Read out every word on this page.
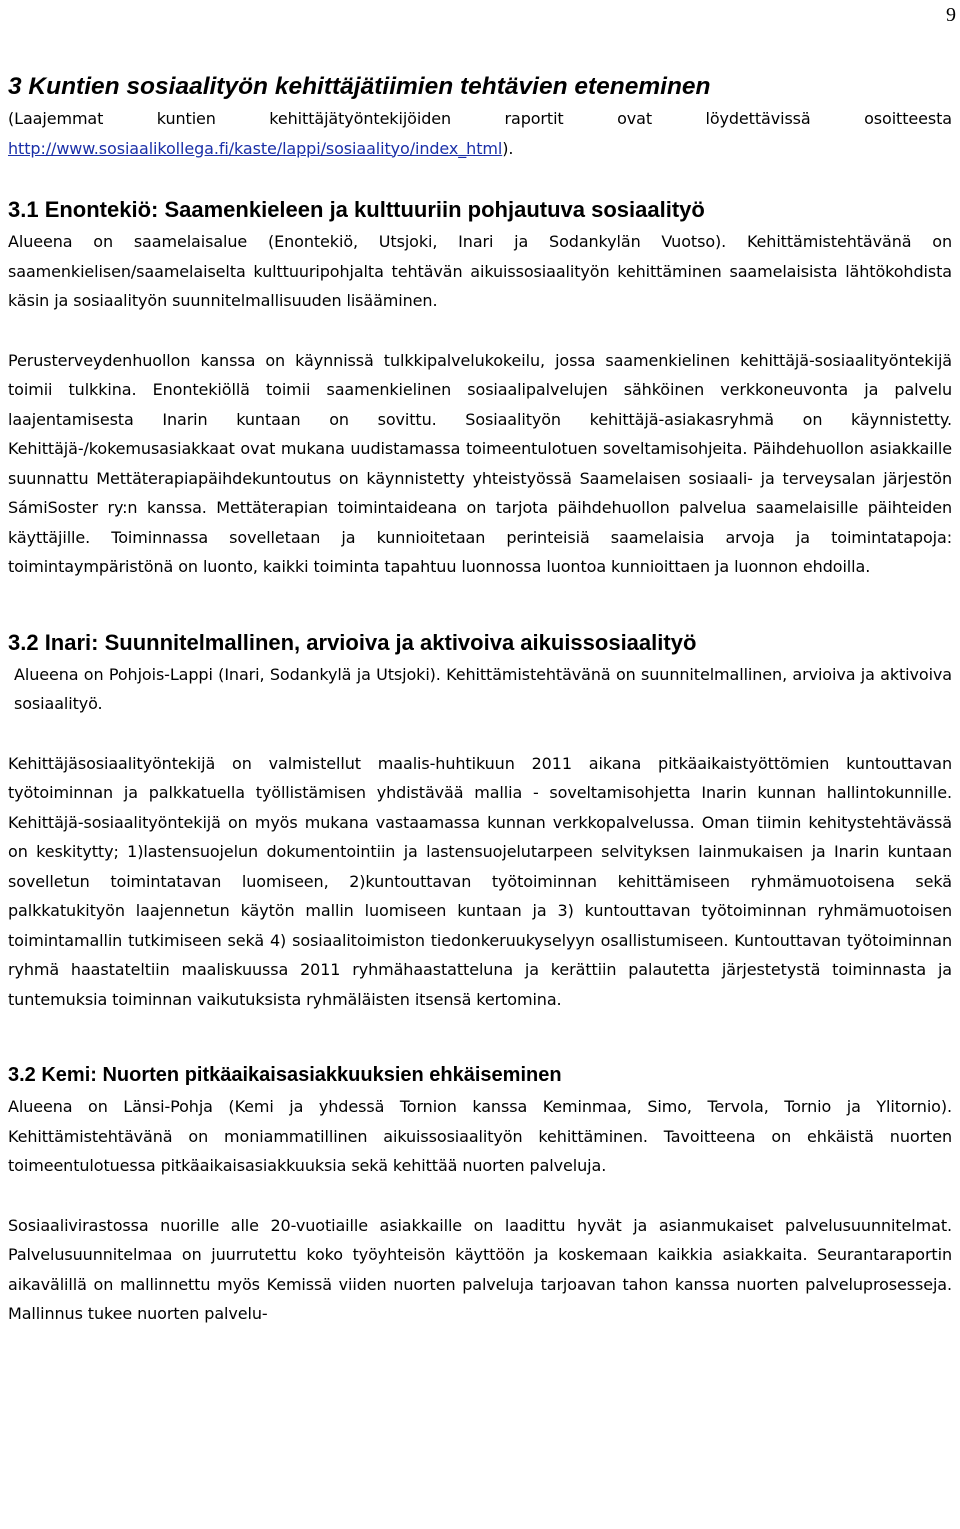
9
3 Kuntien sosiaalityön kehittäjätiimien tehtävien eteneminen

(Laajemmat kuntien kehittäjätyöntekijöiden raportit ovat löydettävissä osoitteesta http://www.sosiaalikollega.fi/kaste/lappi/sosiaalityo/index_html).

3.1 Enontekiö: Saamenkieleen ja kulttuuriin pohjautuva sosiaalityö

Alueena on saamelaisalue (Enontekiö, Utsjoki, Inari ja Sodankylän Vuotso). Kehittämistehtävänä on saamenkielisen/saamelaiselta kulttuuripohjalta tehtävän aikuissosiaalityön kehittäminen saamelaisista lähtökohdista käsin ja sosiaalityön suunnitelmallisuuden lisääminen.

Perusterveydenhuollon kanssa on käynnissä tulkkipalvelukokeilu, jossa saamenkielinen kehittäjä-sosiaalityöntekijä toimii tulkkina. Enontekiöllä toimii saamenkielinen sosiaalipalvelujen sähköinen verkkoneuvonta ja palvelu laajentamisesta Inarin kuntaan on sovittu. Sosiaalityön kehittäjä-asiakasryhmä on käynnistetty. Kehittäjä-/kokemusasiakkaat ovat mukana uudistamassa toimeentulotuen soveltamisohjeita. Päihdehuollon asiakkaille suunnattu Mettäterapiapäihdekuntoutus on käynnistetty yhteistyössä Saamelaisen sosiaali- ja terveysalan järjestön SámiSoster ry:n kanssa. Mettäterapian toimintaideana on tarjota päihdehuollon palvelua saamelaisille päihteiden käyttäjille. Toiminnassa sovelletaan ja kunnioitetaan perinteisiä saamelaisia arvoja ja toimintatapoja: toimintaympäristönä on luonto, kaikki toiminta tapahtuu luonnossa luontoa kunnioittaen ja luonnon ehdoilla.

3.2 Inari: Suunnitelmallinen, arvioiva ja aktivoiva aikuissosiaalityö

Alueena on Pohjois-Lappi (Inari, Sodankylä ja Utsjoki). Kehittämistehtävänä on suunnitelmallinen, arvioiva ja aktivoiva sosiaalityö.

Kehittäjäsosiaalityöntekijä on valmistellut maalis-huhtikuun 2011 aikana pitkäaikaistyöttömien kuntouttavan työtoiminnan ja palkkatuella työllistämisen yhdistävää mallia - soveltamisohjetta Inarin kunnan hallintokunnille. Kehittäjä-sosiaalityöntekijä on myös mukana vastaamassa kunnan verkkopalvelussa. Oman tiimin kehitystehtävässä on keskitytty; 1)lastensuojelun dokumentointiin ja lastensuojelutarpeen selvityksen lainmukaisen ja Inarin kuntaan sovelletun toimintatavan luomiseen, 2)kuntouttavan työtoiminnan kehittämiseen ryhmämuotoisena sekä palkkatukityön laajennetun käytön mallin luomiseen kuntaan ja 3) kuntouttavan työtoiminnan ryhmämuotoisen toimintamallin tutkimiseen sekä 4) sosiaalitoimiston tiedonkeruukyselyyn osallistumiseen. Kuntouttavan työtoiminnan ryhmä haastateltiin maaliskuussa 2011 ryhmähaastatteluna ja kerättiin palautetta järjestetystä toiminnasta ja tuntemuksia toiminnan vaikutuksista ryhmäläisten itsensä kertomina.

3.2 Kemi: Nuorten pitkäaikaisasiakkuuksien ehkäiseminen

Alueena on Länsi-Pohja (Kemi ja yhdessä Tornion kanssa Keminmaa, Simo, Tervola, Tornio ja Ylitornio). Kehittämistehtävänä on moniammatillinen aikuissosiaalityön kehittäminen. Tavoitteena on ehkäistä nuorten toimeentulotuessa pitkäaikaisasiakkuuksia sekä kehittää nuorten palveluja.

Sosiaalivirastossa nuorille alle 20-vuotiaille asiakkaille on laadittu hyvät ja asianmukaiset palvelusuunnitelmat. Palvelusuunnitelmaa on juurrutettu koko työyhteisön käyttöön ja koskemaan kaikkia asiakkaita. Seurantaraportin aikavälillä on mallinnettu myös Kemissä viiden nuorten palveluja tarjoavan tahon kanssa nuorten palveluprosesseja. Mallinnus tukee nuorten palvelu-
